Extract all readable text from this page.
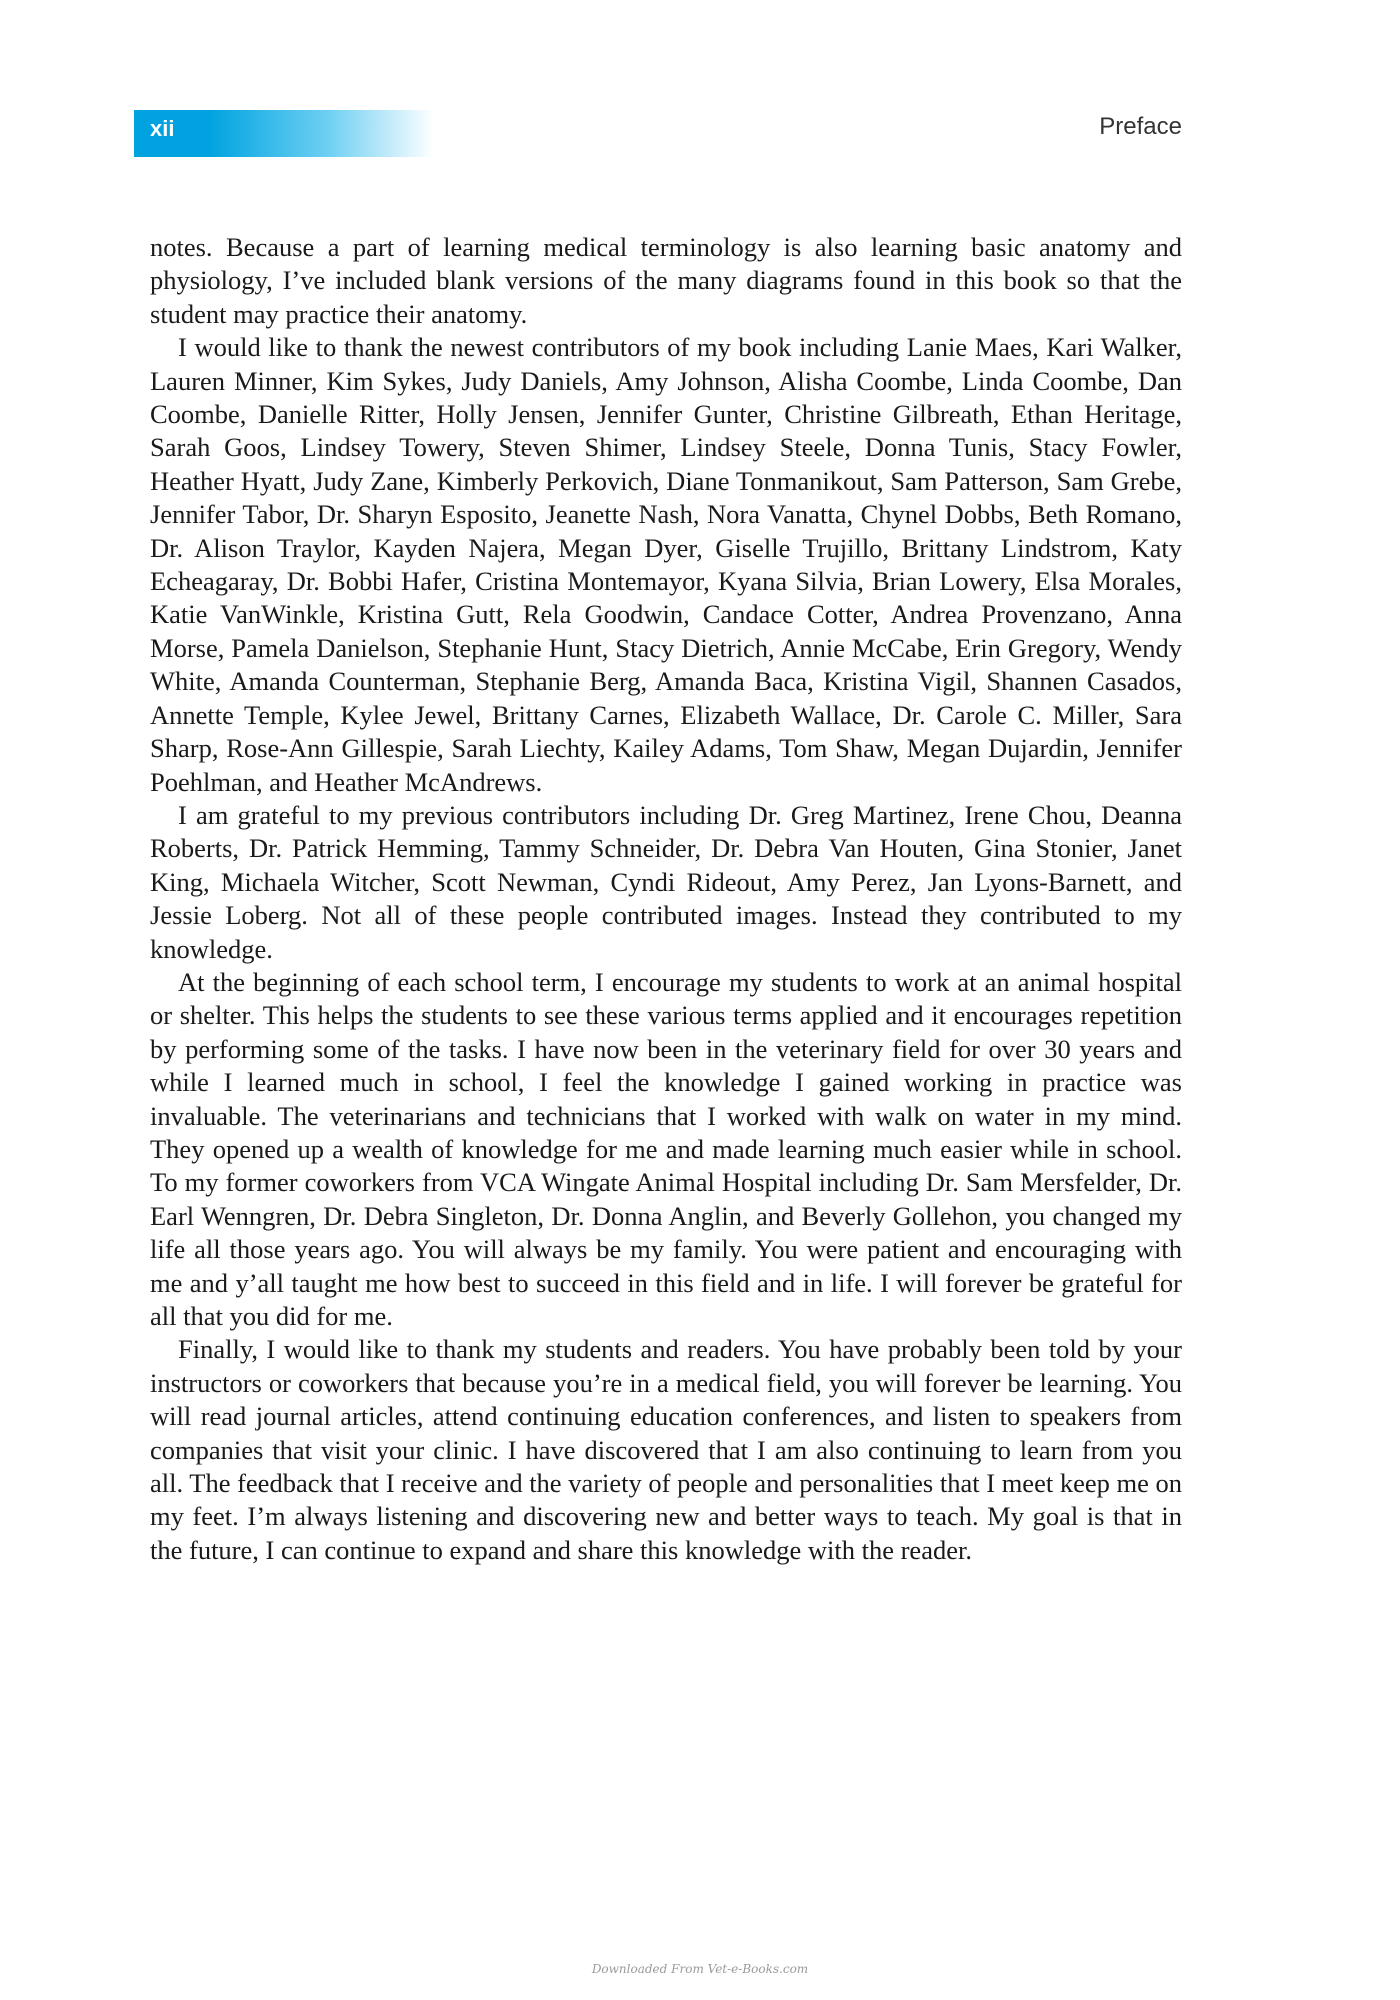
xii	Preface

notes. Because a part of learning medical terminology is also learning basic anatomy and physiology, I’ve included blank versions of the many diagrams found in this book so that the student may practice their anatomy.

I would like to thank the newest contributors of my book including Lanie Maes, Kari Walker, Lauren Minner, Kim Sykes, Judy Daniels, Amy Johnson, Alisha Coombe, Linda Coombe, Dan Coombe, Danielle Ritter, Holly Jensen, Jennifer Gunter, Christine Gilbreath, Ethan Heritage, Sarah Goos, Lindsey Towery, Steven Shimer, Lindsey Steele, Donna Tunis, Stacy Fowler, Heather Hyatt, Judy Zane, Kimberly Perkovich, Diane Tonmanikout, Sam Patterson, Sam Grebe, Jennifer Tabor, Dr. Sharyn Esposito, Jeanette Nash, Nora Vanatta, Chynel Dobbs, Beth Romano, Dr. Alison Traylor, Kayden Najera, Megan Dyer, Giselle Trujillo, Brittany Lindstrom, Katy Echeagaray, Dr. Bobbi Hafer, Cristina Montemayor, Kyana Silvia, Brian Lowery, Elsa Morales, Katie VanWinkle, Kristina Gutt, Rela Goodwin, Candace Cotter, Andrea Provenzano, Anna Morse, Pamela Danielson, Stephanie Hunt, Stacy Dietrich, Annie McCabe, Erin Gregory, Wendy White, Amanda Counterman, Stephanie Berg, Amanda Baca, Kristina Vigil, Shannen Casados, Annette Temple, Kylee Jewel, Brittany Carnes, Elizabeth Wallace, Dr. Carole C. Miller, Sara Sharp, Rose-Ann Gillespie, Sarah Liechty, Kailey Adams, Tom Shaw, Megan Dujardin, Jennifer Poehlman, and Heather McAndrews.

I am grateful to my previous contributors including Dr. Greg Martinez, Irene Chou, Deanna Roberts, Dr. Patrick Hemming, Tammy Schneider, Dr. Debra Van Houten, Gina Stonier, Janet King, Michaela Witcher, Scott Newman, Cyndi Rideout, Amy Perez, Jan Lyons-Barnett, and Jessie Loberg. Not all of these people contributed images. Instead they contributed to my knowledge.

At the beginning of each school term, I encourage my students to work at an animal hospital or shelter. This helps the students to see these various terms applied and it encourages repetition by performing some of the tasks. I have now been in the veterinary field for over 30 years and while I learned much in school, I feel the knowledge I gained working in practice was invaluable. The veterinarians and technicians that I worked with walk on water in my mind. They opened up a wealth of knowledge for me and made learning much easier while in school. To my former coworkers from VCA Wingate Animal Hospital including Dr. Sam Mersfelder, Dr. Earl Wenngren, Dr. Debra Singleton, Dr. Donna Anglin, and Beverly Gollehon, you changed my life all those years ago. You will always be my family. You were patient and encouraging with me and y’all taught me how best to succeed in this field and in life. I will forever be grateful for all that you did for me.

Finally, I would like to thank my students and readers. You have probably been told by your instructors or coworkers that because you’re in a medical field, you will forever be learning. You will read journal articles, attend continuing education conferences, and listen to speakers from companies that visit your clinic. I have discovered that I am also continuing to learn from you all. The feedback that I receive and the variety of people and personalities that I meet keep me on my feet. I’m always listening and discovering new and better ways to teach. My goal is that in the future, I can continue to expand and share this knowledge with the reader.

Downloaded From Vet-e-Books.com
